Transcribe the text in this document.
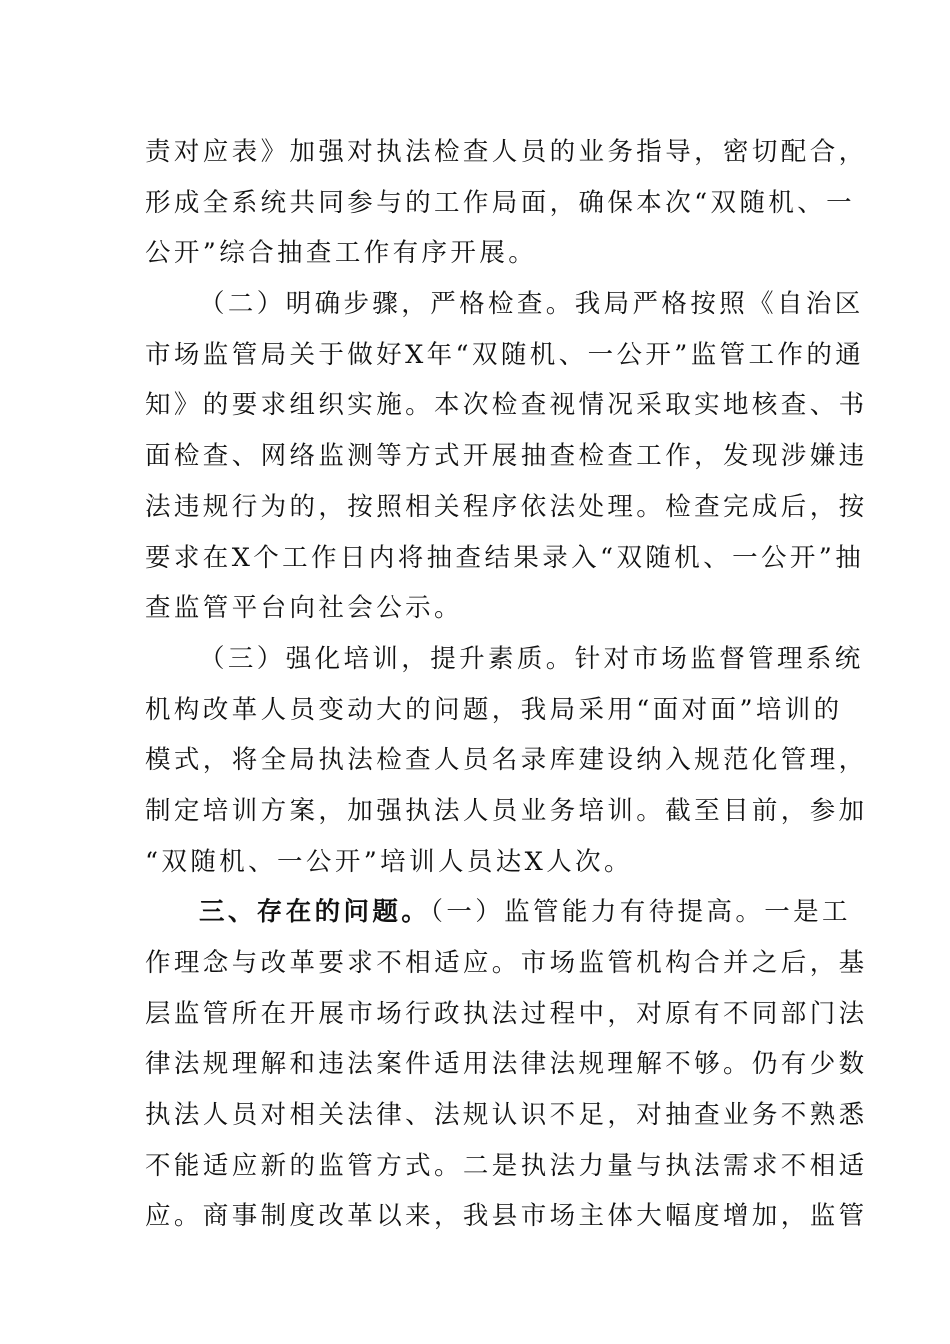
责对应表》加强对执法检查人员的业务指导，密切配合，
形成全系统共同参与的工作局面，确保本次“双随机、一
公开”综合抽查工作有序开展。
（二）明确步骤，严格检查。我局严格按照《自治区
市场监管局关于做好X年“双随机、一公开”监管工作的通
知》的要求组织实施。本次检查视情况采取实地核查、书
面检查、网络监测等方式开展抽查检查工作，发现涉嫌违
法违规行为的，按照相关程序依法处理。检查完成后，按
要求在X个工作日内将抽查结果录入“双随机、一公开”抽
查监管平台向社会公示。
（三）强化培训，提升素质。针对市场监督管理系统
机构改革人员变动大的问题，我局采用“面对面”培训的
模式，将全局执法检查人员名录库建设纳入规范化管理，
制定培训方案，加强执法人员业务培训。截至目前，参加
“双随机、一公开”培训人员达X人次。
三、存在的问题。（一）监管能力有待提高。一是工
作理念与改革要求不相适应。市场监管机构合并之后，基
层监管所在开展市场行政执法过程中，对原有不同部门法
律法规理解和违法案件适用法律法规理解不够。仍有少数
执法人员对相关法律、法规认识不足，对抽查业务不熟悉
不能适应新的监管方式。二是执法力量与执法需求不相适
应。商事制度改革以来，我县市场主体大幅度增加，监管
